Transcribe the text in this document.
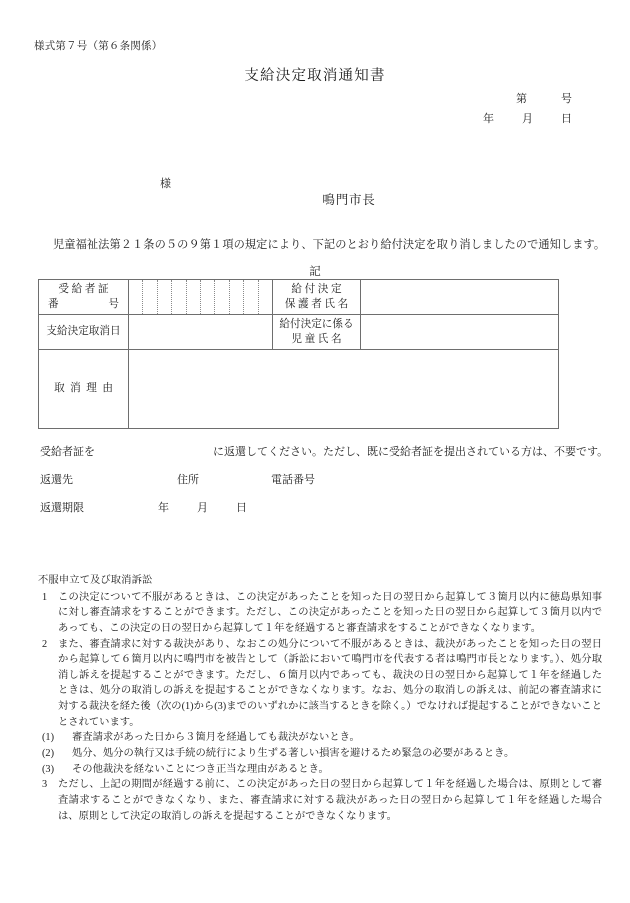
様式第７号（第６条関係）
支給決定取消通知書
第	号
年	月	日
様
鳴門市長
児童福祉法第２１条の５の９第１項の規定により、下記のとおり給付決定を取り消しましたので通知します。
記
受給者証
番 号		給付決定
保護者氏名	

支給決定取消日		給付決定に係る
児童氏名	

取消理由			

受給者証を	に返還してください。ただし、既に受給者証を提出されている方は、不要です。
返還先	住所	電話番号
返還期限	年	月	日
不服申立て及び取消訴訟
1	この決定について不服があるときは、この決定があったことを知った日の翌日から起算して３箇月以内に徳島県知事に対し審査請求をすることができます。ただし、この決定があったことを知った日の翌日から起算して３箇月以内であっても、この決定の日の翌日から起算して１年を経過すると審査請求をすることができなくなります。
2	また、審査請求に対する裁決があり、なおこの処分について不服があるときは、裁決があったことを知った日の翌日から起算して６箇月以内に鳴門市を被告として（訴訟において鳴門市を代表する者は鳴門市長となります。）、処分取消し訴えを提起することができます。ただし、６箇月以内であっても、裁決の日の翌日から起算して１年を経過したときは、処分の取消しの訴えを提起することができなくなります。なお、処分の取消しの訴えは、前記の審査請求に対する裁決を経た後（次の(1)から(3)までのいずれかに該当するときを除く。）でなければ提起することができないこととされています。
(1)	審査請求があった日から３箇月を経過しても裁決がないとき。
(2)	処分、処分の執行又は手続の続行により生ずる著しい損害を避けるため緊急の必要があるとき。
(3)	その他裁決を経ないことにつき正当な理由があるとき。
3	ただし、上記の期間が経過する前に、この決定があった日の翌日から起算して１年を経過した場合は、原則として審査請求することができなくなり、また、審査請求に対する裁決があった日の翌日から起算して１年を経過した場合は、原則として決定の取消しの訴えを提起することができなくなります。
